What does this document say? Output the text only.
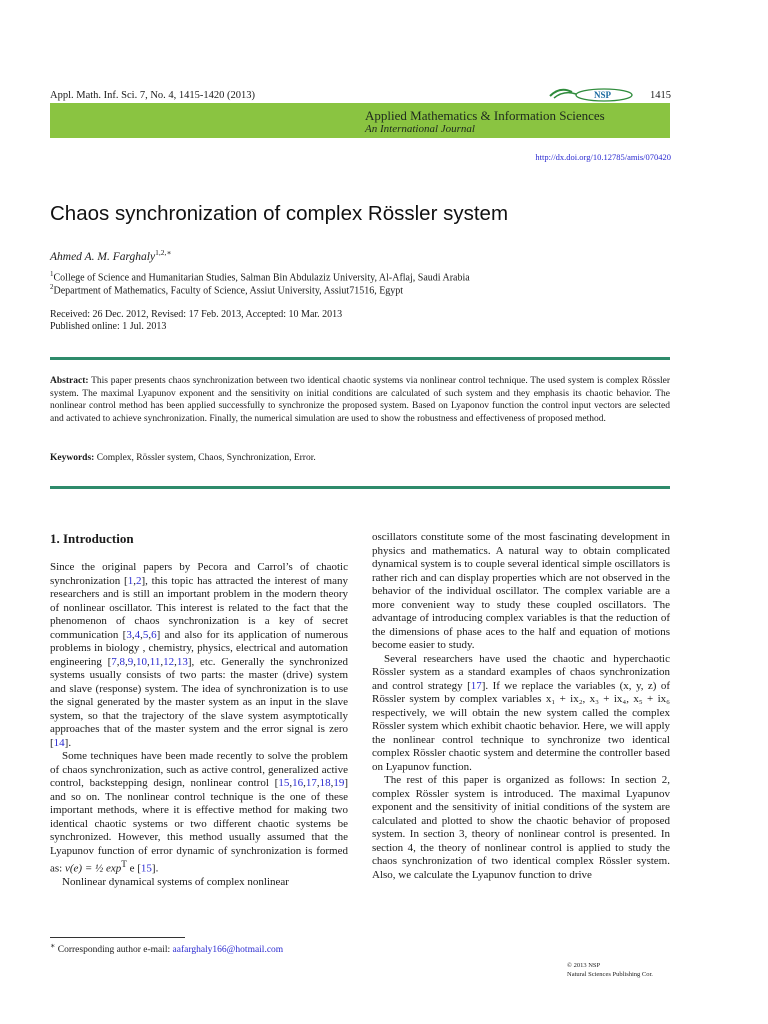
Appl. Math. Inf. Sci. 7, No. 4, 1415-1420 (2013)	NSP	1415
Applied Mathematics & Information Sciences
An International Journal
http://dx.doi.org/10.12785/amis/070420
Chaos synchronization of complex Rössler system
Ahmed A. M. Farghaly$^{1,2,∗}$
$^1$College of Science and Humanitarian Studies, Salman Bin Abdulaziz University, Al-Aflaj, Saudi Arabia
$^2$Department of Mathematics, Faculty of Science, Assiut University, Assiut71516, Egypt
Received: 26 Dec. 2012, Revised: 17 Feb. 2013, Accepted: 10 Mar. 2013
Published online: 1 Jul. 2013
Abstract: This paper presents chaos synchronization between two identical chaotic systems via nonlinear control technique. The used system is complex Rössler system. The maximal Lyapunov exponent and the sensitivity on initial conditions are calculated of such system and they emphasis its chaotic behavior. The nonlinear control method has been applied successfully to synchronize the proposed system. Based on Lyaponov function the control input vectors are selected and activated to achieve synchronization. Finally, the numerical simulation are used to show the robustness and effectiveness of proposed method.
Keywords: Complex, Rössler system, Chaos, Synchronization, Error.
1. Introduction

Since the original papers by Pecora and Carrol’s of chaotic synchronization [1,2], this topic has attracted the interest of many researchers and is still an important problem in the modern theory of nonlinear oscillator. This interest is related to the fact that the phenomenon of chaos synchronization is a key of secret communication [3,4,5,6] and also for its application of numerous problems in biology , chemistry, physics, electrical and automation engineering [7,8,9,10,11,12,13], etc. Generally the synchronized systems usually consists of two parts: the master (drive) system and slave (response) system. The idea of synchronization is to use the signal generated by the master system as an input in the slave system, so that the trajectory of the slave system asymptotically approaches that of the master system and the error signal is zero [14].

Some techniques have been made recently to solve the problem of chaos synchronization, such as active control, generalized active control, backstepping design, nonlinear control [15,16,17,18,19] and so on. The nonlinear control technique is the one of these important methods, where it is effective method for making two identical chaotic systems or two different chaotic systems be synchronized. However, this method usually assumed that the Lyapunov function of error dynamic of synchronization is formed as: v(e) = ½ $\exp^T e$ [15].

Nonlinear dynamical systems of complex nonlinear

oscillators constitute some of the most fascinating development in physics and mathematics. A natural way to obtain complicated dynamical system is to couple several identical simple oscillators is rather rich and can display properties which are not observed in the behavior of the individual oscillator. The complex variable are a more convenient way to study these coupled oscillators. The advantage of introducing complex variables is that the reduction of the dimensions of phase aces to the half and equation of motions become easier to study.

Several researchers have used the chaotic and hyperchaotic Rössler system as a standard examples of chaos synchronization and control strategy [17]. If we replace the variables (x, y, z) of Rössler system by complex variables x₁ + ix₂, x₃ + ix₄, x₅ + ix₆ respectively, we will obtain the new system called the complex Rössler system which exhibit chaotic behavior. Here, we will apply the nonlinear control technique to synchronize two identical complex Rössler chaotic system and determine the controller based on Lyapunov function.

The rest of this paper is organized as follows: In section 2, complex Rössler system is introduced. The maximal Lyapunov exponent and the sensitivity of initial conditions of the system are calculated and plotted to show the chaotic behavior of proposed system. In section 3, theory of nonlinear control is presented. In section 4, the theory of nonlinear control is applied to study the chaos synchronization of two identical complex Rössler system. Also, we calculate the Lyapunov function to drive

∗ Corresponding author e-mail: aafarghaly166@hotmail.com
© 2013 NSP
Natural Sciences Publishing Cor.
